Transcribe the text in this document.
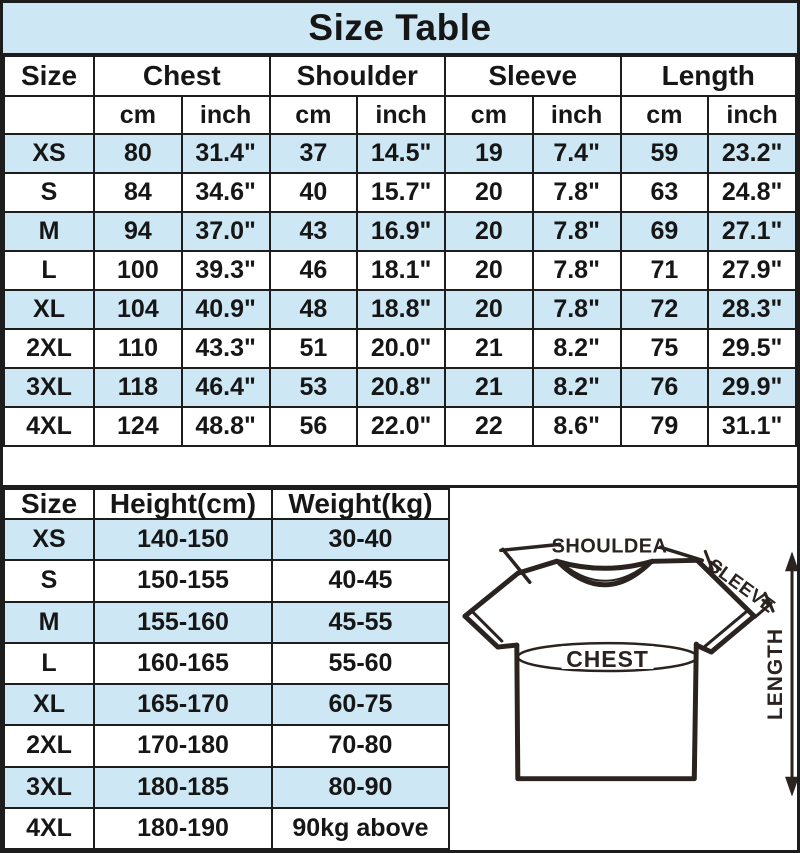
Size Table
Size	Chest		Shoulder		Sleeve		Length	
	cm	inch	cm	inch	cm	inch	cm	inch
XS	80	31.4"	37	14.5"	19	7.4"	59	23.2"
S	84	34.6"	40	15.7"	20	7.8"	63	24.8"
M	94	37.0"	43	16.9"	20	7.8"	69	27.1"
L	100	39.3"	46	18.1"	20	7.8"	71	27.9"
XL	104	40.9"	48	18.8"	20	7.8"	72	28.3"
2XL	110	43.3"	51	20.0"	21	8.2"	75	29.5"
3XL	118	46.4"	53	20.8"	21	8.2"	76	29.9"
4XL	124	48.8"	56	22.0"	22	8.6"	79	31.1"
Size	Height(cm)	Weight(kg)
XS	140-150	30-40
S	150-155	40-45
M	155-160	45-55
L	160-165	55-60
XL	165-170	60-75
2XL	170-180	70-80
3XL	180-185	80-90
4XL	180-190	90kg above
CHEST
SHOULDEA
SLEEVE
LENGTH
